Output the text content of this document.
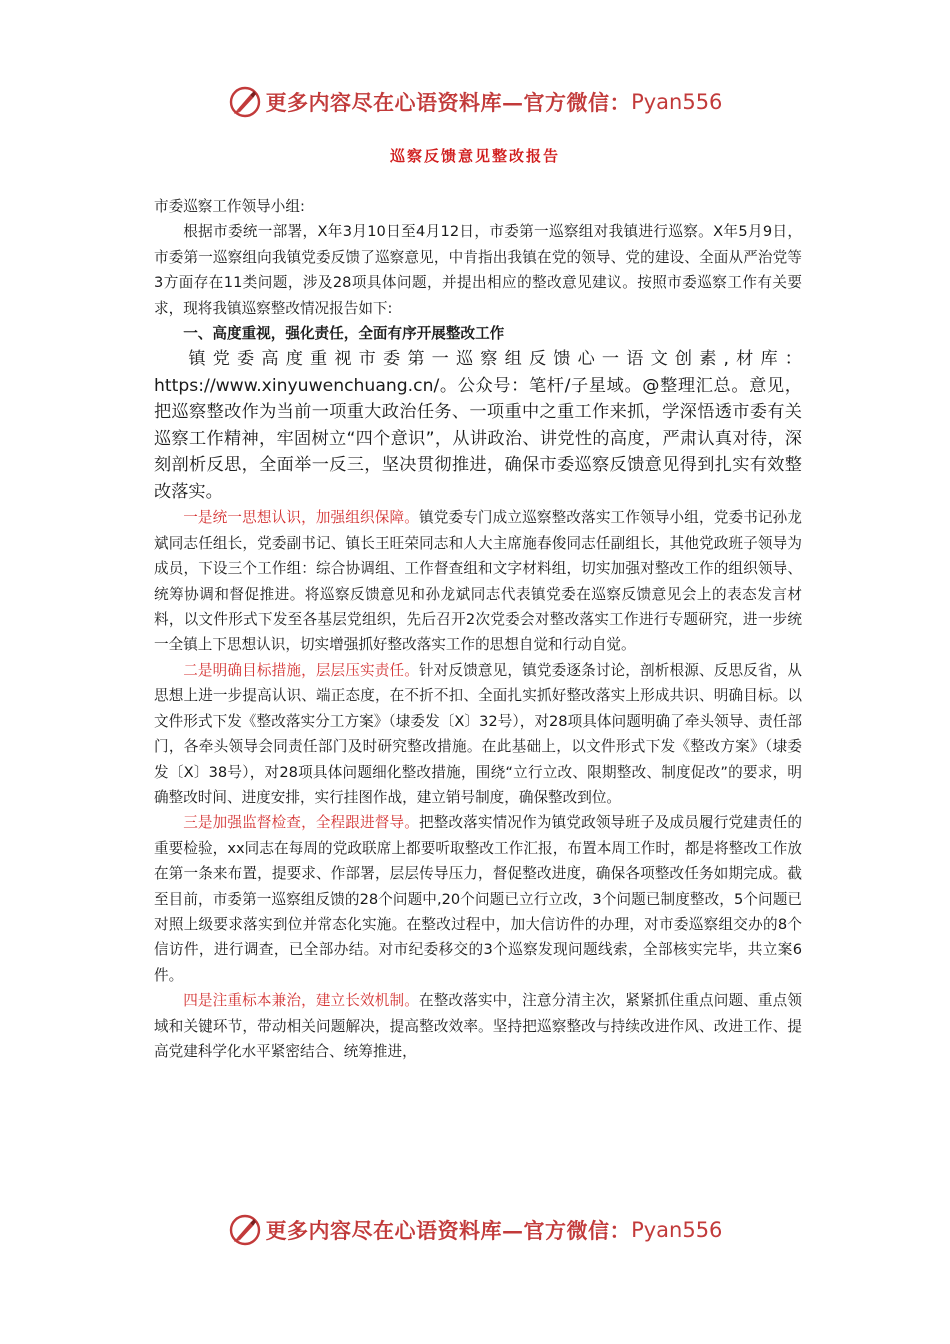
更多内容尽在心语资料库—官方微信： Pyan556
巡察反馈意见整改报告

市委巡察工作领导小组:

根据市委统一部署，X年3月10日至4月12日，市委第一巡察组对我镇进行巡察。X年5月9日，市委第一巡察组向我镇党委反馈了巡察意见，中肯指出我镇在党的领导、党的建设、全面从严治党等3方面存在11类问题，涉及28项具体问题，并提出相应的整改意见建议。按照市委巡察工作有关要求，现将我镇巡察整改情况报告如下:

一、高度重视，强化责任，全面有序开展整改工作

镇党委高度重视市委第一巡察组反馈心一语文创素,材库：https://www.xinyuwenchuang.cn/。公众号：笔杆/子星域。@整理汇总。意见，把巡察整改作为当前一项重大政治任务、一项重中之重工作来抓，学深悟透市委有关巡察工作精神，牢固树立“四个意识”，从讲政治、讲党性的高度，严肃认真对待，深刻剖析反思，全面举一反三，坚决贯彻推进，确保市委巡察反馈意见得到扎实有效整改落实。

一是统一思想认识，加强组织保障。镇党委专门成立巡察整改落实工作领导小组，党委书记孙龙斌同志任组长，党委副书记、镇长王旺荣同志和人大主席施春俊同志任副组长，其他党政班子领导为成员，下设三个工作组：综合协调组、工作督查组和文字材料组，切实加强对整改工作的组织领导、统筹协调和督促推进。将巡察反馈意见和孙龙斌同志代表镇党委在巡察反馈意见会上的表态发言材料，以文件形式下发至各基层党组织，先后召开2次党委会对整改落实工作进行专题研究，进一步统一全镇上下思想认识，切实增强抓好整改落实工作的思想自觉和行动自觉。

二是明确目标措施，层层压实责任。针对反馈意见，镇党委逐条讨论，剖析根源、反思反省，从思想上进一步提高认识、端正态度，在不折不扣、全面扎实抓好整改落实上形成共识、明确目标。以文件形式下发《整改落实分工方案》（埭委发〔X〕32号），对28项具体问题明确了牵头领导、责任部门，各牵头领导会同责任部门及时研究整改措施。在此基础上，以文件形式下发《整改方案》（埭委发〔X〕38号），对28项具体问题细化整改措施，围绕“立行立改、限期整改、制度促改”的要求，明确整改时间、进度安排，实行挂图作战，建立销号制度，确保整改到位。

三是加强监督检查，全程跟进督导。把整改落实情况作为镇党政领导班子及成员履行党建责任的重要检验，xx同志在每周的党政联席上都要听取整改工作汇报，布置本周工作时，都是将整改工作放在第一条来布置，提要求、作部署，层层传导压力，督促整改进度，确保各项整改任务如期完成。截至目前，市委第一巡察组反馈的28个问题中,20个问题已立行立改，3个问题已制度整改，5个问题已对照上级要求落实到位并常态化实施。在整改过程中，加大信访件的办理，对市委巡察组交办的8个信访件，进行调查，已全部办结。对市纪委移交的3个巡察发现问题线索，全部核实完毕，共立案6件。

四是注重标本兼治，建立长效机制。在整改落实中，注意分清主次，紧紧抓住重点问题、重点领域和关键环节，带动相关问题解决，提高整改效率。坚持把巡察整改与持续改进作风、改进工作、提高党建科学化水平紧密结合、统筹推进，

更多内容尽在心语资料库—官方微信： Pyan556
